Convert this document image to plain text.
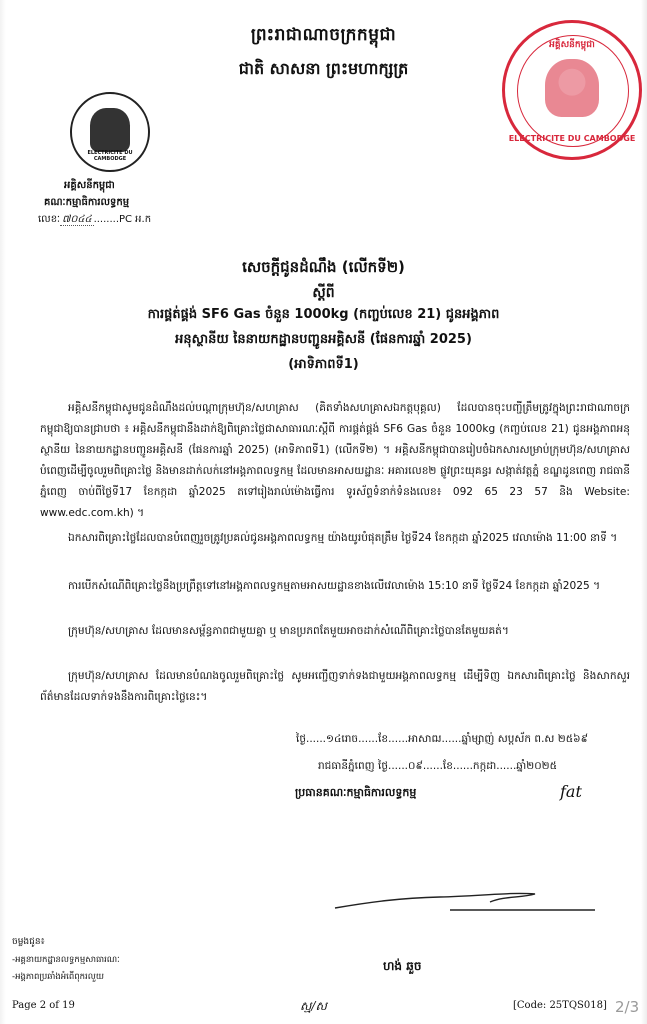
ព្រះរាជាណាចក្រកម្ពុជា
ជាតិ សាសនា ព្រះមហាក្សត្រ
ELECTRICITE DU CAMBODGE
អគ្គិសនីកម្ពុជា
គណៈកម្មាធិការលទ្ធកម្ម
លេខៈ ៧០៤៤ ........PC អ.ក
អគ្គិសនីកម្ពុជា
ELECTRICITE DU CAMBODGE
សេចក្តីជូនដំណឹង (លើកទី២)
ស្តីពី
ការផ្គត់ផ្គង់ SF6 Gas ចំនួន 1000kg (កញ្ចប់លេខ 21) ជូនអង្គភាព
អនុស្ថានីយ នៃនាយកដ្ឋានបញ្ជូនអគ្គិសនី (ផែនការឆ្នាំ 2025)
(អាទិភាពទី1)
អគ្គិសនីកម្ពុជាសូមជូនដំណឹងដល់បណ្តាក្រុមហ៊ុន/សហគ្រាស (គិតទាំងសហគ្រាសឯកត្តបុគ្គល) ដែលបានចុះបញ្ជីត្រឹមត្រូវក្នុងព្រះរាជាណាចក្រកម្ពុជាឱ្យបានជ្រាបថា ៖ អគ្គិសនីកម្ពុជានឹងដាក់ឱ្យពិគ្រោះថ្លៃជាសាធារណៈស្តីពី ការផ្គត់ផ្គង់ SF6 Gas ចំនួន 1000kg (កញ្ចប់លេខ 21) ជូនអង្គភាពអនុស្ថានីយ នៃនាយកដ្ឋានបញ្ជូនអគ្គិសនី (ផែនការឆ្នាំ 2025) (អាទិភាពទី1) (លើកទី២) ។ អគ្គិសនីកម្ពុជាបានរៀបចំឯកសារសម្រាប់ក្រុមហ៊ុន/សហគ្រាសបំពេញដើម្បីចូលរួមពិគ្រោះថ្លៃ និងមានដាក់លក់នៅអង្គភាពលទ្ធកម្ម ដែលមានអាសយដ្ឋានៈ អគារលេខ២ ផ្លូវព្រះយុគន្ធរ សង្កាត់វត្តភ្នំ ខណ្ឌដូនពេញ រាជធានីភ្នំពេញ ចាប់ពីថ្ងៃទី17 ខែកក្កដា ឆ្នាំ2025 តទៅរៀងរាល់ម៉ោងធ្វើការ ទូរស័ព្ទទំនាក់ទំនងលេខ៖ 092 65 23 57 និង Website: www.edc.com.kh) ។
ឯកសារពិគ្រោះថ្លៃដែលបានបំពេញរួចត្រូវប្រគល់ជូនអង្គភាពលទ្ធកម្ម យ៉ាងយូរបំផុតត្រឹម ថ្ងៃទី24 ខែកក្កដា ឆ្នាំ2025 វេលាម៉ោង 11:00 នាទី ។
ការបើកសំណើពិគ្រោះថ្លៃនឹងប្រព្រឹត្តទៅនៅអង្គភាពលទ្ធកម្មតាមអាសយដ្ឋានខាងលើវេលាម៉ោង 15:10 នាទី ថ្ងៃទី24 ខែកក្កដា ឆ្នាំ2025 ។
ក្រុមហ៊ុន/សហគ្រាស ដែលមានសម្ព័ន្ធភាពជាមួយគ្នា ឬ មានប្រភពតែមួយអាចដាក់សំណើពិគ្រោះថ្លៃបានតែមួយគត់។
ក្រុមហ៊ុន/សហគ្រាស ដែលមានបំណងចូលរួមពិគ្រោះថ្លៃ សូមអញ្ជើញទាក់ទងជាមួយអង្គភាពលទ្ធកម្ម ដើម្បីទិញ ឯកសារពិគ្រោះថ្លៃ និងសាកសួរព័ត៌មានដែលទាក់ទងនឹងការពិគ្រោះថ្លៃនេះ។
ថ្ងៃ......១៤រោច......ខែ......អាសាឍ......ឆ្នាំម្សាញ់ សប្តស័ក ព.ស ២៥៦៩
រាជធានីភ្នំពេញ ថ្ងៃ......០៩......ខែ......កក្កដា......ឆ្នាំ២០២៥
ប្រធានគណៈកម្មាធិការលទ្ធកម្ម	fat
ហង់ ឆួច
ចម្លងជូន៖
-អគ្គនាយកដ្ឋានលទ្ធកម្មសាធារណៈ
-អង្គភាពប្រឆាំងអំពើពុករលួយ
Page 2 of 19	ស្ម/ស	[Code: 25TQS018] 2/3
